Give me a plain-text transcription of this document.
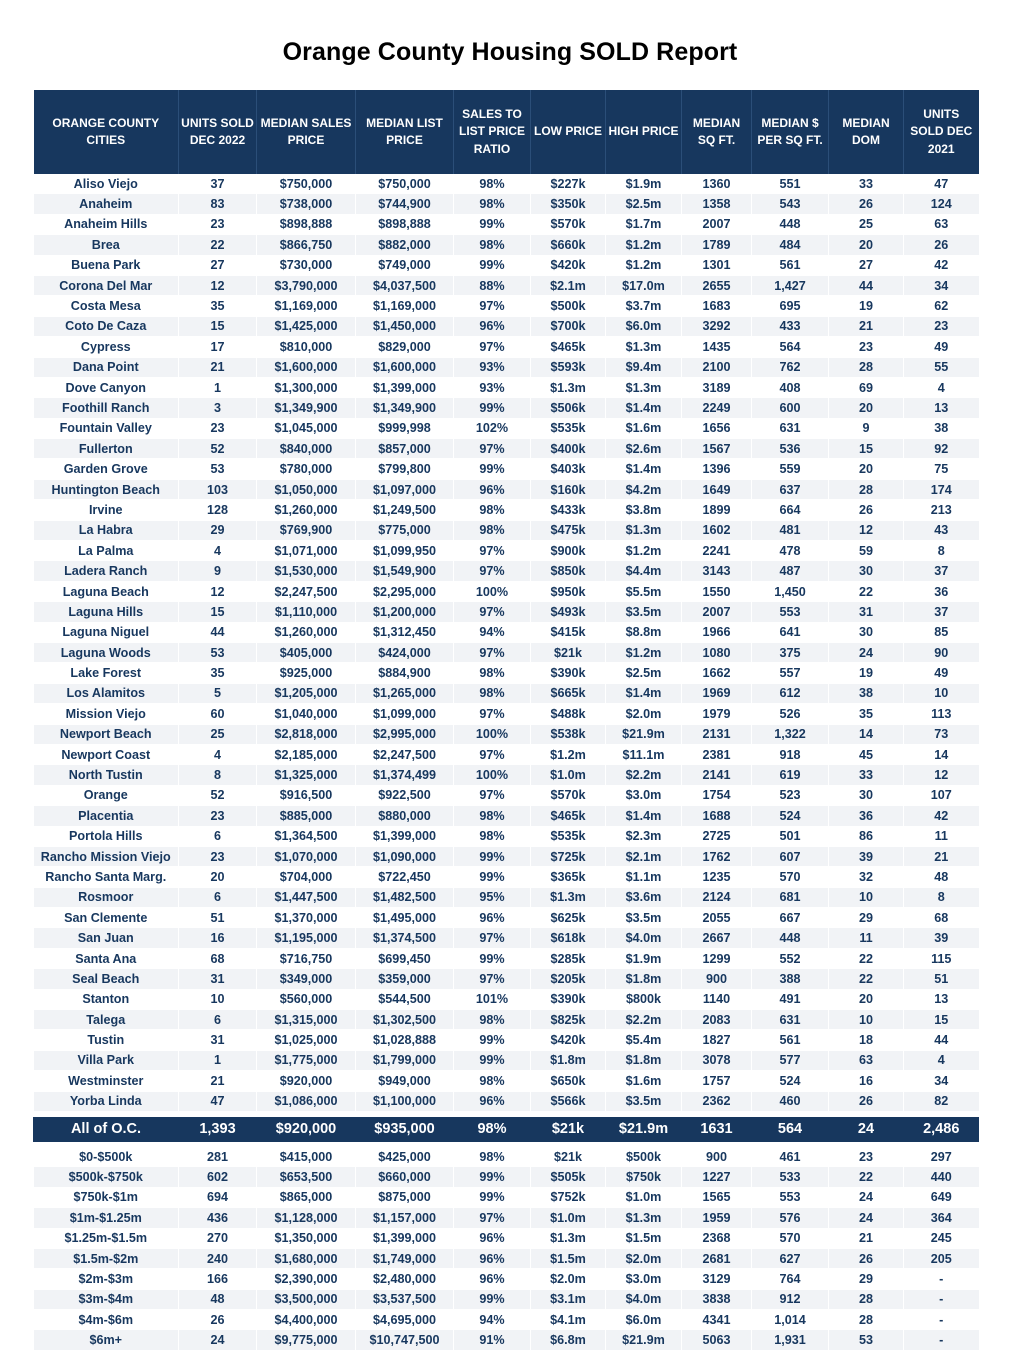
Orange County Housing SOLD Report
ORANGE COUNTY CITIES	UNITS SOLD DEC 2022	MEDIAN SALES PRICE	MEDIAN LIST PRICE	SALES TO LIST PRICE RATIO	LOW PRICE	HIGH PRICE	MEDIAN SQ FT.	MEDIAN $ PER SQ FT.	MEDIAN DOM	UNITS SOLD DEC 2021
Aliso Viejo	37	$750,000	$750,000	98%	$227k	$1.9m	1360	551	33	47
Anaheim	83	$738,000	$744,900	98%	$350k	$2.5m	1358	543	26	124
Anaheim Hills	23	$898,888	$898,888	99%	$570k	$1.7m	2007	448	25	63
Brea	22	$866,750	$882,000	98%	$660k	$1.2m	1789	484	20	26
Buena Park	27	$730,000	$749,000	99%	$420k	$1.2m	1301	561	27	42
Corona Del Mar	12	$3,790,000	$4,037,500	88%	$2.1m	$17.0m	2655	1,427	44	34
Costa Mesa	35	$1,169,000	$1,169,000	97%	$500k	$3.7m	1683	695	19	62
Coto De Caza	15	$1,425,000	$1,450,000	96%	$700k	$6.0m	3292	433	21	23
Cypress	17	$810,000	$829,000	97%	$465k	$1.3m	1435	564	23	49
Dana Point	21	$1,600,000	$1,600,000	93%	$593k	$9.4m	2100	762	28	55
Dove Canyon	1	$1,300,000	$1,399,000	93%	$1.3m	$1.3m	3189	408	69	4
Foothill Ranch	3	$1,349,900	$1,349,900	99%	$506k	$1.4m	2249	600	20	13
Fountain Valley	23	$1,045,000	$999,998	102%	$535k	$1.6m	1656	631	9	38
Fullerton	52	$840,000	$857,000	97%	$400k	$2.6m	1567	536	15	92
Garden Grove	53	$780,000	$799,800	99%	$403k	$1.4m	1396	559	20	75
Huntington Beach	103	$1,050,000	$1,097,000	96%	$160k	$4.2m	1649	637	28	174
Irvine	128	$1,260,000	$1,249,500	98%	$433k	$3.8m	1899	664	26	213
La Habra	29	$769,900	$775,000	98%	$475k	$1.3m	1602	481	12	43
La Palma	4	$1,071,000	$1,099,950	97%	$900k	$1.2m	2241	478	59	8
Ladera Ranch	9	$1,530,000	$1,549,900	97%	$850k	$4.4m	3143	487	30	37
Laguna Beach	12	$2,247,500	$2,295,000	100%	$950k	$5.5m	1550	1,450	22	36
Laguna Hills	15	$1,110,000	$1,200,000	97%	$493k	$3.5m	2007	553	31	37
Laguna Niguel	44	$1,260,000	$1,312,450	94%	$415k	$8.8m	1966	641	30	85
Laguna Woods	53	$405,000	$424,000	97%	$21k	$1.2m	1080	375	24	90
Lake Forest	35	$925,000	$884,900	98%	$390k	$2.5m	1662	557	19	49
Los Alamitos	5	$1,205,000	$1,265,000	98%	$665k	$1.4m	1969	612	38	10
Mission Viejo	60	$1,040,000	$1,099,000	97%	$488k	$2.0m	1979	526	35	113
Newport Beach	25	$2,818,000	$2,995,000	100%	$538k	$21.9m	2131	1,322	14	73
Newport Coast	4	$2,185,000	$2,247,500	97%	$1.2m	$11.1m	2381	918	45	14
North Tustin	8	$1,325,000	$1,374,499	100%	$1.0m	$2.2m	2141	619	33	12
Orange	52	$916,500	$922,500	97%	$570k	$3.0m	1754	523	30	107
Placentia	23	$885,000	$880,000	98%	$465k	$1.4m	1688	524	36	42
Portola Hills	6	$1,364,500	$1,399,000	98%	$535k	$2.3m	2725	501	86	11
Rancho Mission Viejo	23	$1,070,000	$1,090,000	99%	$725k	$2.1m	1762	607	39	21
Rancho Santa Marg.	20	$704,000	$722,450	99%	$365k	$1.1m	1235	570	32	48
Rosmoor	6	$1,447,500	$1,482,500	95%	$1.3m	$3.6m	2124	681	10	8
San Clemente	51	$1,370,000	$1,495,000	96%	$625k	$3.5m	2055	667	29	68
San Juan	16	$1,195,000	$1,374,500	97%	$618k	$4.0m	2667	448	11	39
Santa Ana	68	$716,750	$699,450	99%	$285k	$1.9m	1299	552	22	115
Seal Beach	31	$349,000	$359,000	97%	$205k	$1.8m	900	388	22	51
Stanton	10	$560,000	$544,500	101%	$390k	$800k	1140	491	20	13
Talega	6	$1,315,000	$1,302,500	98%	$825k	$2.2m	2083	631	10	15
Tustin	31	$1,025,000	$1,028,888	99%	$420k	$5.4m	1827	561	18	44
Villa Park	1	$1,775,000	$1,799,000	99%	$1.8m	$1.8m	3078	577	63	4
Westminster	21	$920,000	$949,000	98%	$650k	$1.6m	1757	524	16	34
Yorba Linda	47	$1,086,000	$1,100,000	96%	$566k	$3.5m	2362	460	26	82

All of O.C.	1,393	$920,000	$935,000	98%	$21k	$21.9m	1631	564	24	2,486

$0-$500k	281	$415,000	$425,000	98%	$21k	$500k	900	461	23	297
$500k-$750k	602	$653,500	$660,000	99%	$505k	$750k	1227	533	22	440
$750k-$1m	694	$865,000	$875,000	99%	$752k	$1.0m	1565	553	24	649
$1m-$1.25m	436	$1,128,000	$1,157,000	97%	$1.0m	$1.3m	1959	576	24	364
$1.25m-$1.5m	270	$1,350,000	$1,399,000	96%	$1.3m	$1.5m	2368	570	21	245
$1.5m-$2m	240	$1,680,000	$1,749,000	96%	$1.5m	$2.0m	2681	627	26	205
$2m-$3m	166	$2,390,000	$2,480,000	96%	$2.0m	$3.0m	3129	764	29	-
$3m-$4m	48	$3,500,000	$3,537,500	99%	$3.1m	$4.0m	3838	912	28	-
$4m-$6m	26	$4,400,000	$4,695,000	94%	$4.1m	$6.0m	4341	1,014	28	-
$6m+	24	$9,775,000	$10,747,500	91%	$6.8m	$21.9m	5063	1,931	53	-
